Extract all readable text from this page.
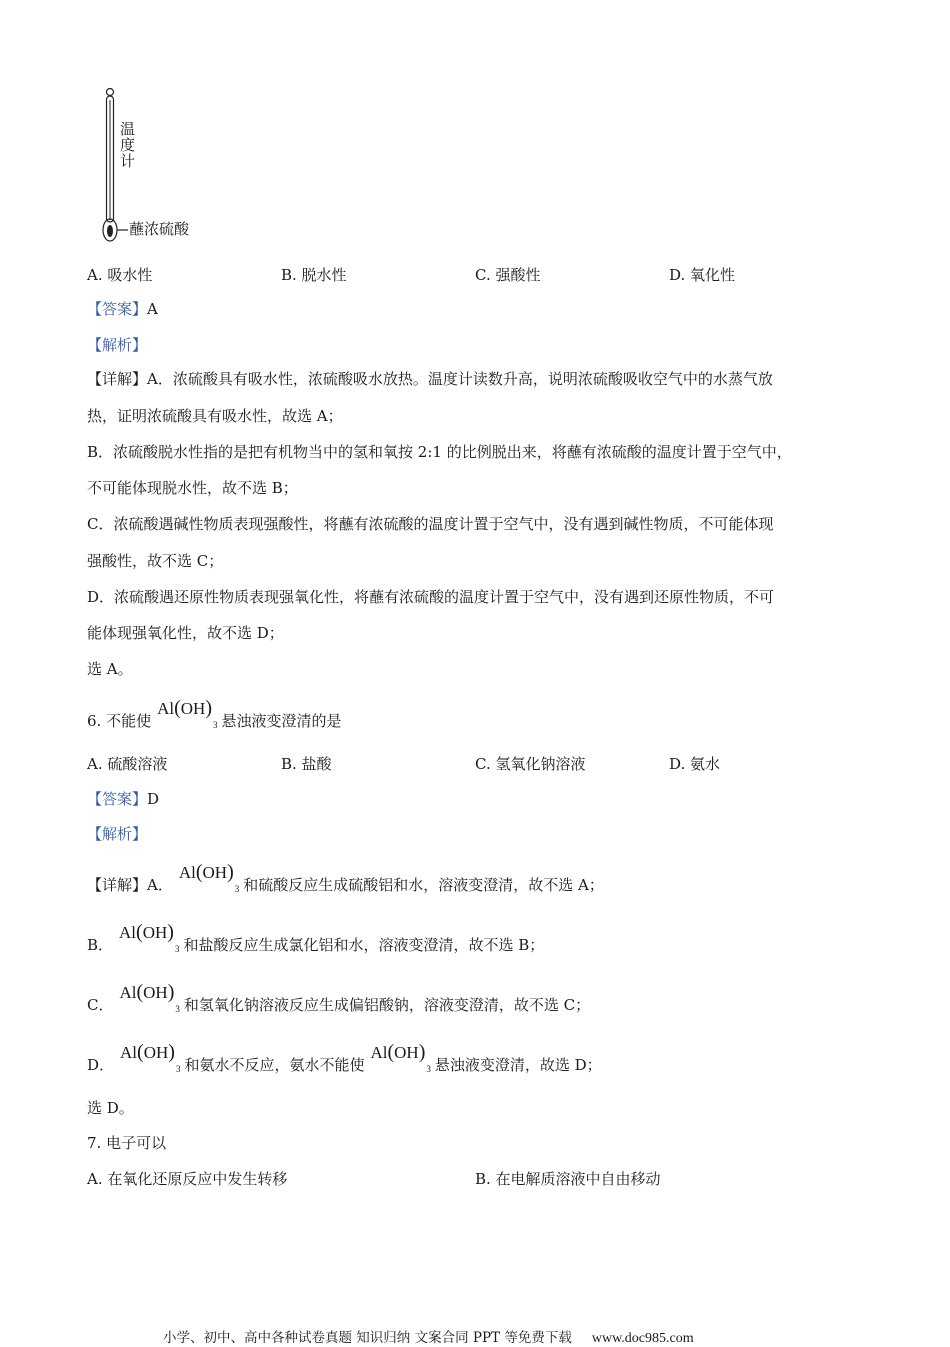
温
度
计
蘸浓硫酸
A. 吸水性	B. 脱水性	C. 强酸性	D. 氧化性
【答案】A
【解析】
【详解】A．浓硫酸具有吸水性，浓硫酸吸水放热。温度计读数升高，说明浓硫酸吸收空气中的水蒸气放
热，证明浓硫酸具有吸水性，故选 A；
B．浓硫酸脱水性指的是把有机物当中的氢和氧按 2:1 的比例脱出来，将蘸有浓硫酸的温度计置于空气中，
不可能体现脱水性，故不选 B；
C．浓硫酸遇碱性物质表现强酸性，将蘸有浓硫酸的温度计置于空气中，没有遇到碱性物质，不可能体现
强酸性，故不选 C；
D．浓硫酸遇还原性物质表现强氧化性，将蘸有浓硫酸的温度计置于空气中，没有遇到还原性物质，不可
能体现强氧化性，故不选 D；
选 A。
6. 不能使$Al(OH)_3$ 悬浊液变澄清的是
A. 硫酸溶液	B. 盐酸	C. 氢氧化钠溶液	D. 氨水
【答案】D
【解析】
【详解】A．$Al(OH)_3$ 和硫酸反应生成硫酸铝和水，溶液变澄清，故不选 A；
B．$Al(OH)_3$ 和盐酸反应生成氯化铝和水，溶液变澄清，故不选 B；
C．$Al(OH)_3$ 和氢氧化钠溶液反应生成偏铝酸钠，溶液变澄清，故不选 C；
D．$Al(OH)_3$ 和氨水不反应，氨水不能使$Al(OH)_3$ 悬浊液变澄清，故选 D；
选 D。
7. 电子可以
A. 在氧化还原反应中发生转移	B. 在电解质溶液中自由移动
小学、初中、高中各种试卷真题 知识归纳 文案合同 PPT 等免费下载 www.doc985.com
